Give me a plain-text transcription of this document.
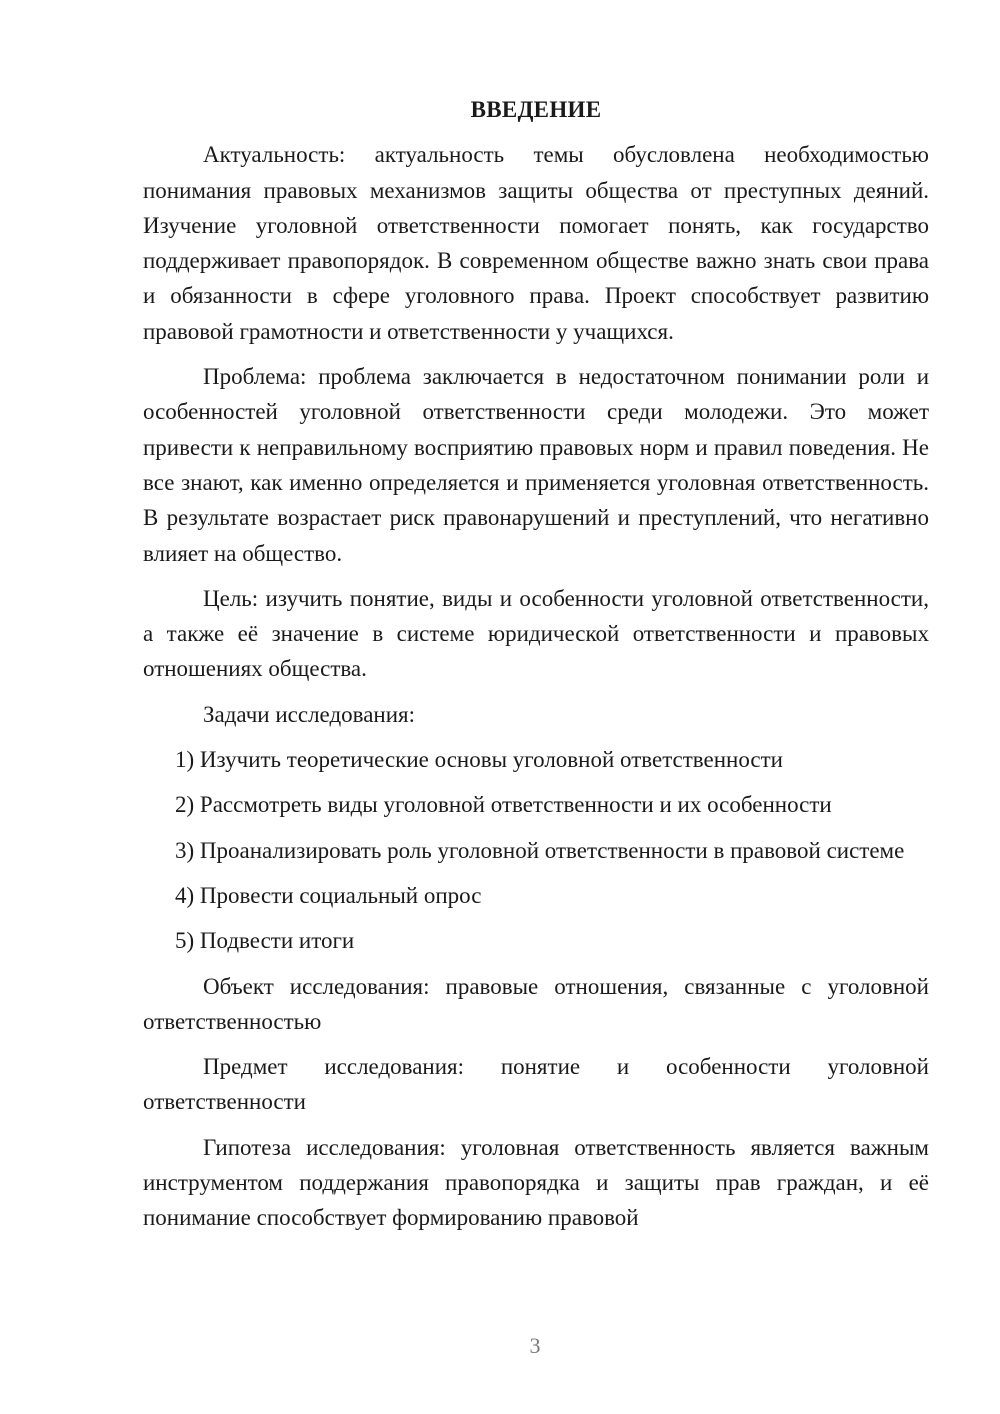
ВВЕДЕНИЕ
Актуальность: актуальность темы обусловлена необходимостью понимания правовых механизмов защиты общества от преступных деяний. Изучение уголовной ответственности помогает понять, как государство поддерживает правопорядок. В современном обществе важно знать свои права и обязанности в сфере уголовного права. Проект способствует развитию правовой грамотности и ответственности у учащихся.
Проблема: проблема заключается в недостаточном понимании роли и особенностей уголовной ответственности среди молодежи. Это может привести к неправильному восприятию правовых норм и правил поведения. Не все знают, как именно определяется и применяется уголовная ответственность. В результате возрастает риск правонарушений и преступлений, что негативно влияет на общество.
Цель: изучить понятие, виды и особенности уголовной ответственности, а также её значение в системе юридической ответственности и правовых отношениях общества.
Задачи исследования:
1) Изучить теоретические основы уголовной ответственности
2) Рассмотреть виды уголовной ответственности и их особенности
3) Проанализировать роль уголовной ответственности в правовой системе
4) Провести социальный опрос
5) Подвести итоги
Объект исследования: правовые отношения, связанные с уголовной ответственностью
Предмет исследования: понятие и особенности уголовной ответственности
Гипотеза исследования: уголовная ответственность является важным инструментом поддержания правопорядка и защиты прав граждан, и её понимание способствует формированию правовой
3
